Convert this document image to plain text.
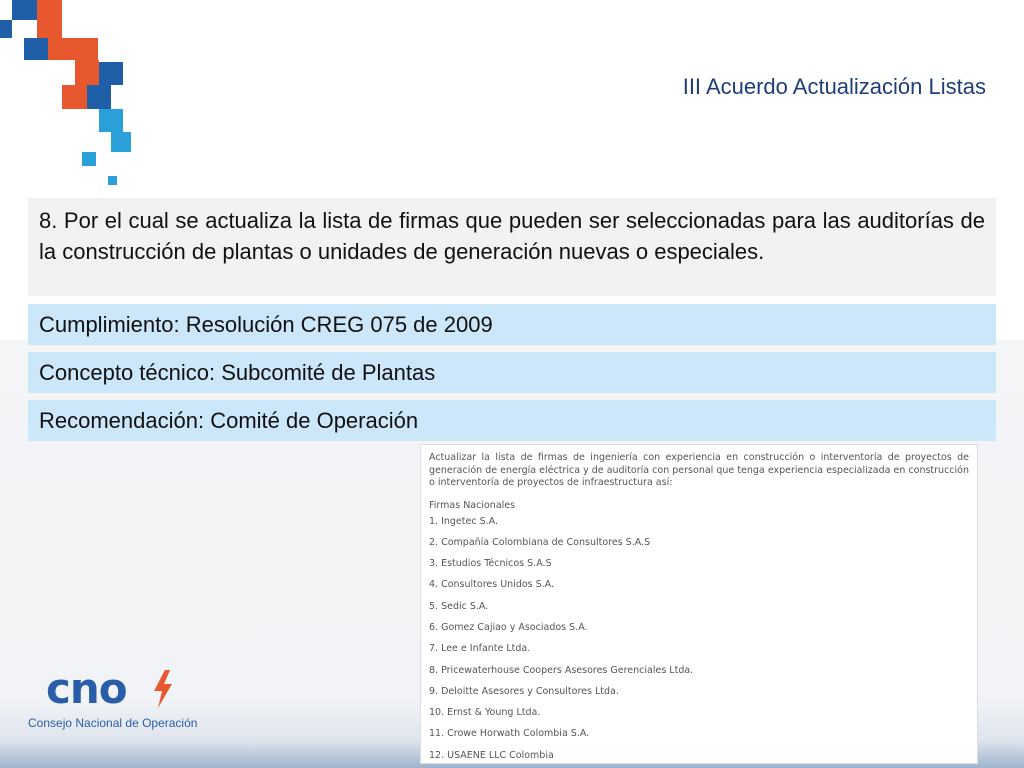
III Acuerdo Actualización Listas
8. Por el cual se actualiza la lista de firmas que pueden ser seleccionadas para las auditorías de la construcción de plantas o unidades de generación nuevas o especiales.
Cumplimiento: Resolución CREG 075 de 2009
Concepto técnico: Subcomité de Plantas
Recomendación: Comité de Operación
Actualizar la lista de firmas de ingeniería con experiencia en construcción o interventoría de proyectos de generación de energía eléctrica y de auditoría con personal que tenga experiencia especializada en construcción o interventoría de proyectos de infraestructura así:
Firmas Nacionales
1. Ingetec S.A.
2. Compañía Colombiana de Consultores S.A.S
3. Estudios Técnicos S.A.S
4. Consultores Unidos S.A.
5. Sedic S.A.
6. Gomez Cajiao y Asociados S.A.
7. Lee e Infante Ltda.
8. Pricewaterhouse Coopers Asesores Gerenciales Ltda.
9. Deloitte Asesores y Consultores Ltda.
10. Ernst & Young Ltda.
11. Crowe Horwath Colombia S.A.
12. USAENE LLC Colombia
cno
Consejo Nacional de Operación
